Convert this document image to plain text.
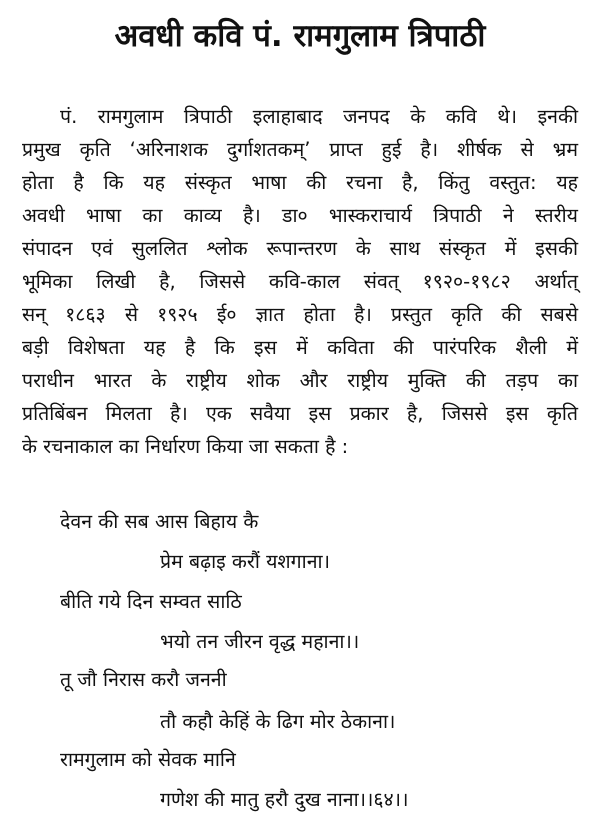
अवधी कवि पं. रामगुलाम त्रिपाठी
पं. रामगुलाम त्रिपाठी इलाहाबाद जनपद के कवि थे। इनकी
प्रमुख कृति ‘अरिनाशक दुर्गाशतकम्’ प्राप्त हुई है। शीर्षक से भ्रम
होता है कि यह संस्कृत भाषा की रचना है, किंतु वस्तुत: यह
अवधी भाषा का काव्य है। डा० भास्कराचार्य त्रिपाठी ने स्तरीय
संपादन एवं सुललित श्लोक रूपान्तरण के साथ संस्कृत में इसकी
भूमिका लिखी है, जिससे कवि-काल संवत् १९२०-१९८२ अर्थात्
सन् १८६३ से १९२५ ई० ज्ञात होता है। प्रस्तुत कृति की सबसे
बड़ी विशेषता यह है कि इस में कविता की पारंपरिक शैली में
पराधीन भारत के राष्ट्रीय शोक और राष्ट्रीय मुक्ति की तड़प का
प्रतिबिंबन मिलता है। एक सवैया इस प्रकार है, जिससे इस कृति
के रचनाकाल का निर्धारण किया जा सकता है :
देवन की सब आस बिहाय कै
प्रेम बढ़ाइ करौं यशगाना।
बीति गये दिन सम्वत साठि
भयो तन जीरन वृद्ध महाना।।
तू जौ निरास करौ जननी
तौ कहौ केहिं के ढिग मोर ठेकाना।
रामगुलाम को सेवक मानि
गणेश की मातु हरौ दुख नाना।।६४।।
